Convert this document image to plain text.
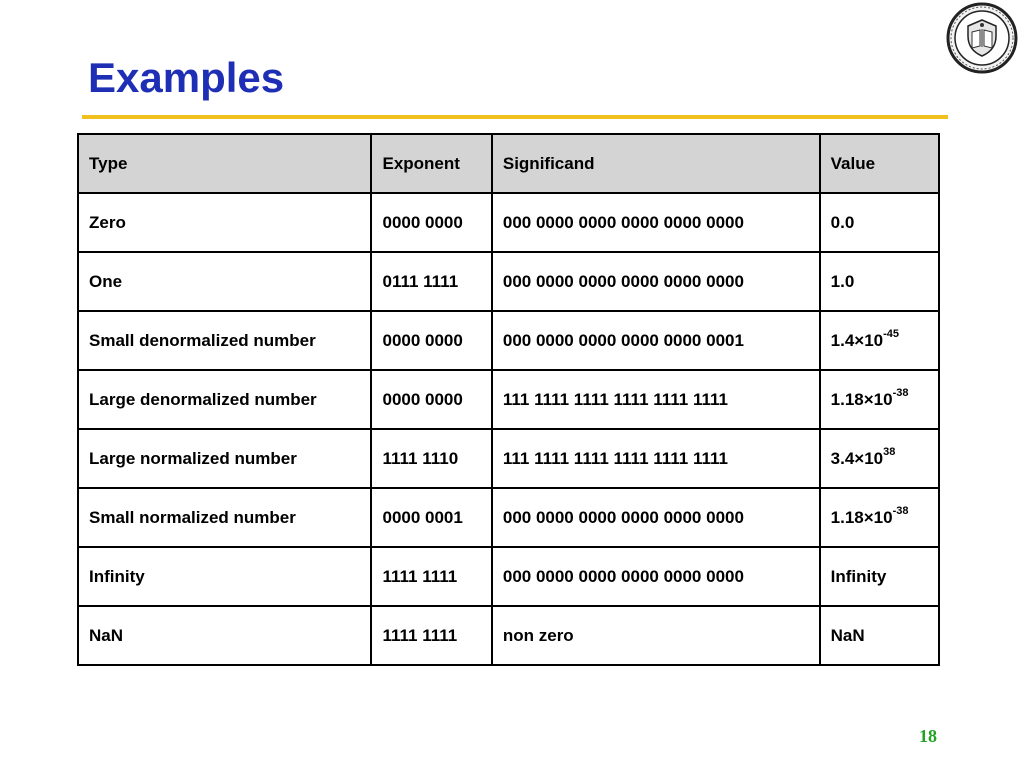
Examples
Type	Exponent	Significand	Value
Zero	0000 0000	000 0000 0000 0000 0000 0000	0.0
One	0111 1111	000 0000 0000 0000 0000 0000	1.0
Small denormalized number	0000 0000	000 0000 0000 0000 0000 0001	$1.4\times 10^{-45}$
Large denormalized number	0000 0000	111 1111 1111 1111 1111 1111	$1.18\times 10^{-38}$
Large normalized number	1111 1110	111 1111 1111 1111 1111 1111	$3.4\times 10^{38}$
Small normalized number	0000 0001	000 0000 0000 0000 0000 0000	$1.18\times 10^{-38}$
Infinity	1111 1111	000 0000 0000 0000 0000 0000	Infinity
NaN	1111 1111	non zero	NaN
18
